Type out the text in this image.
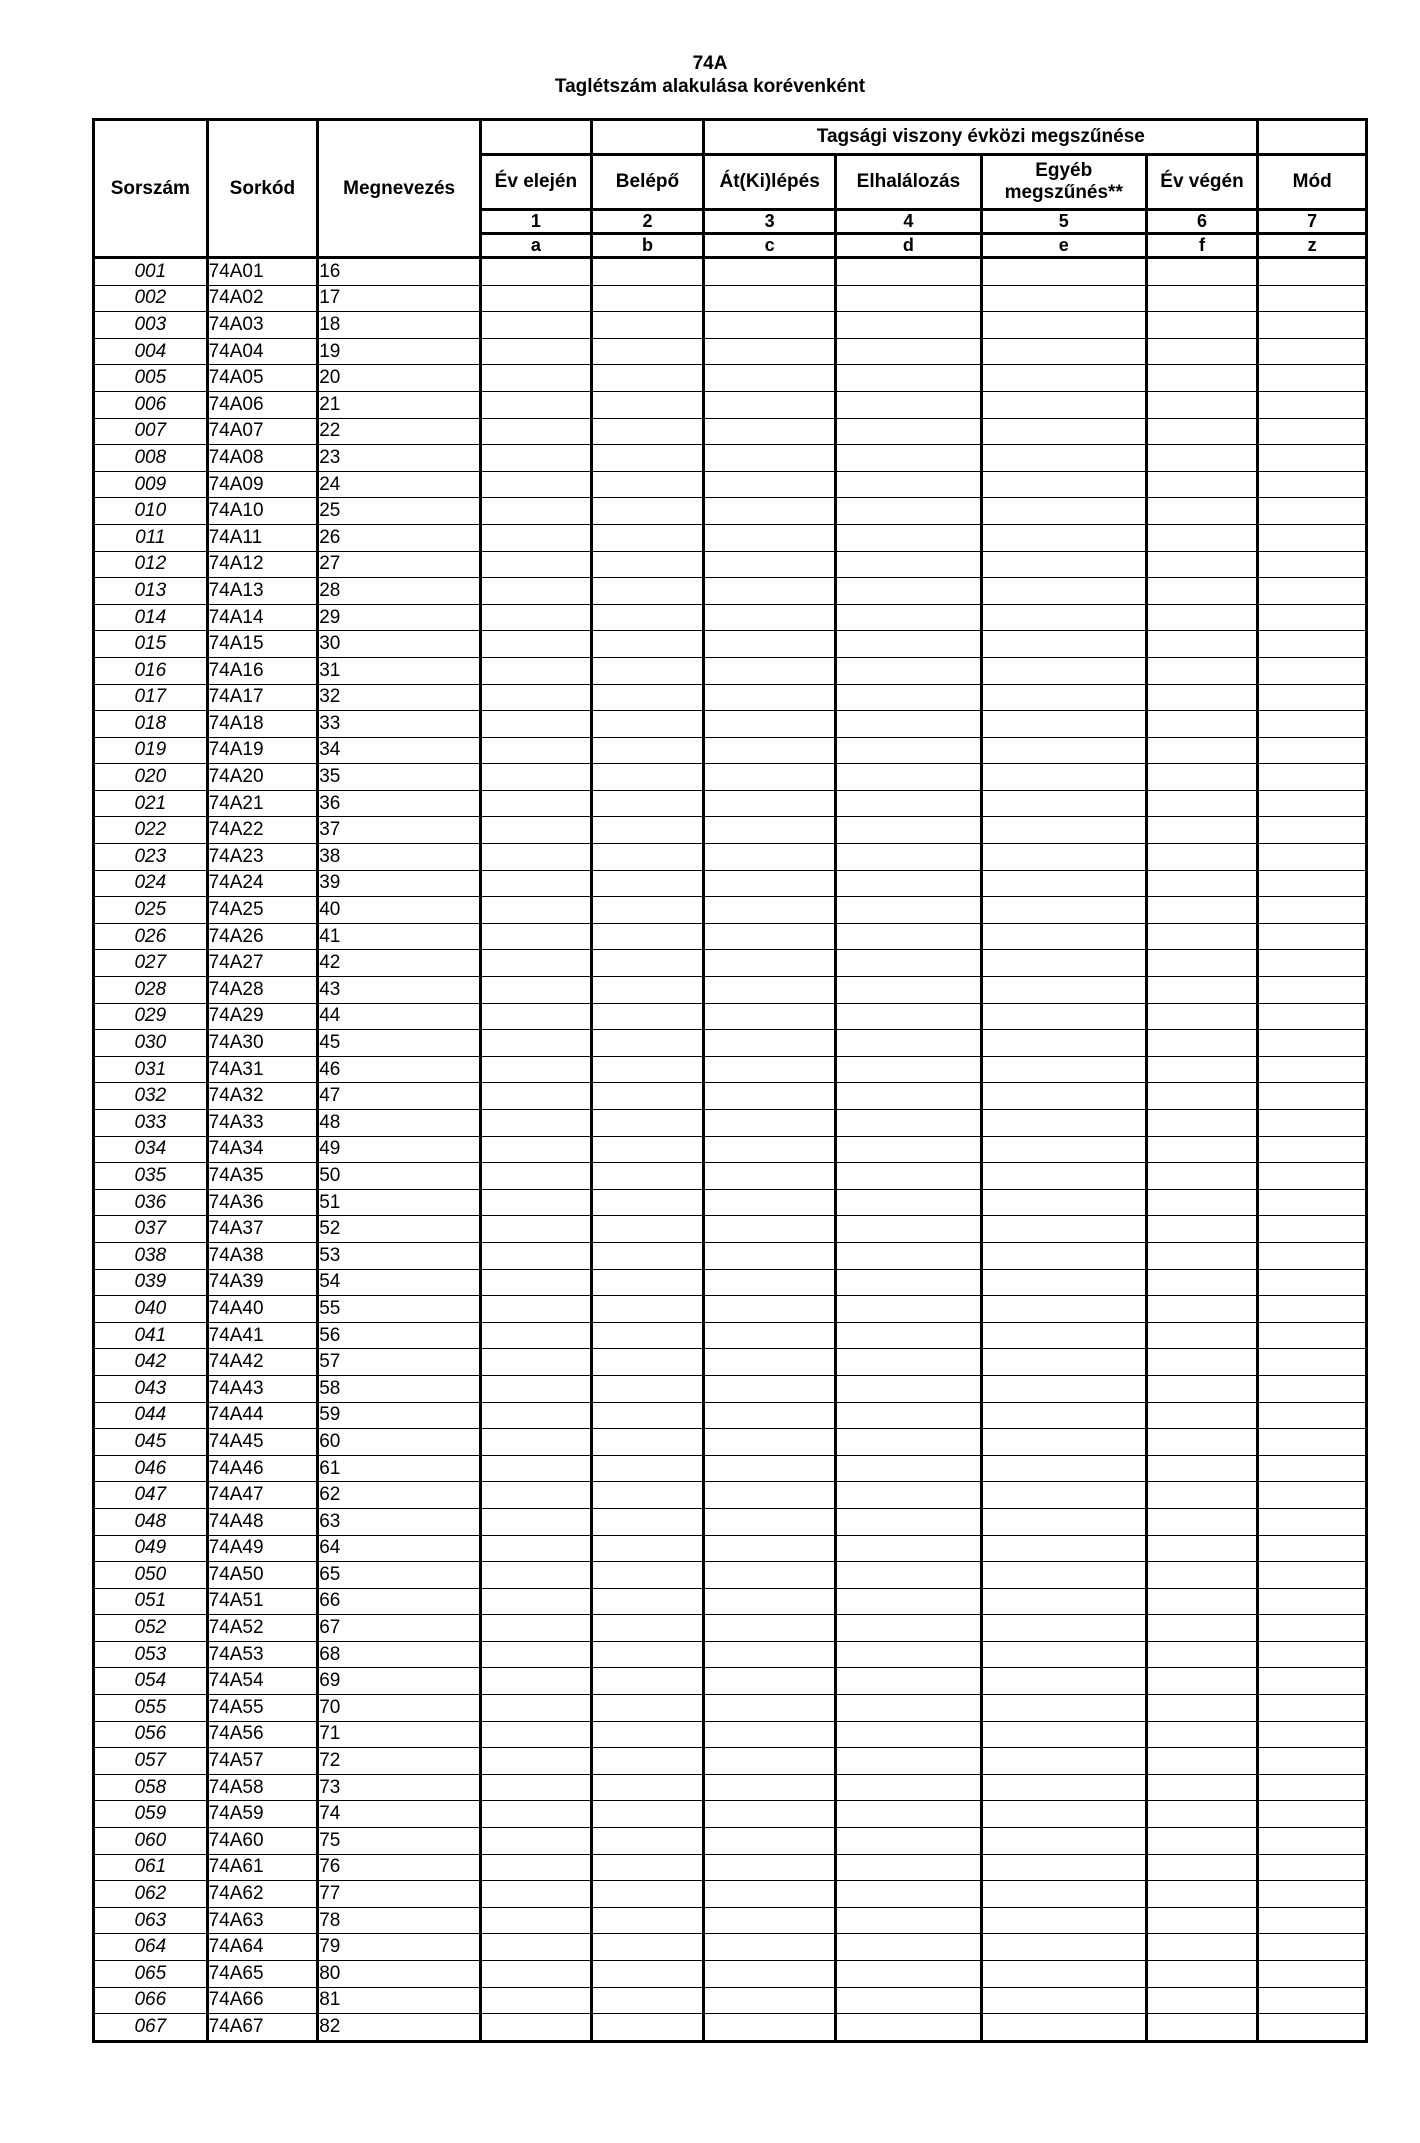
74A
Taglétszám alakulása korévenként
Sorszám	Sorkód	Megnevezés			Tagsági viszony évközi megszűnése				
			Év elején	Belépő	Át(Ki)lépés	Elhalálozás	Egyéb megszűnés**	Év végén	Mód
			1	2	3	4	5	6	7
			a	b	c	d	e	f	z
001	74A01	16							
002	74A02	17							
003	74A03	18							
004	74A04	19							
005	74A05	20							
006	74A06	21							
007	74A07	22							
008	74A08	23							
009	74A09	24							
010	74A10	25							
011	74A11	26							
012	74A12	27							
013	74A13	28							
014	74A14	29							
015	74A15	30							
016	74A16	31							
017	74A17	32							
018	74A18	33							
019	74A19	34							
020	74A20	35							
021	74A21	36							
022	74A22	37							
023	74A23	38							
024	74A24	39							
025	74A25	40							
026	74A26	41							
027	74A27	42							
028	74A28	43							
029	74A29	44							
030	74A30	45							
031	74A31	46							
032	74A32	47							
033	74A33	48							
034	74A34	49							
035	74A35	50							
036	74A36	51							
037	74A37	52							
038	74A38	53							
039	74A39	54							
040	74A40	55							
041	74A41	56							
042	74A42	57							
043	74A43	58							
044	74A44	59							
045	74A45	60							
046	74A46	61							
047	74A47	62							
048	74A48	63							
049	74A49	64							
050	74A50	65							
051	74A51	66							
052	74A52	67							
053	74A53	68							
054	74A54	69							
055	74A55	70							
056	74A56	71							
057	74A57	72							
058	74A58	73							
059	74A59	74							
060	74A60	75							
061	74A61	76							
062	74A62	77							
063	74A63	78							
064	74A64	79							
065	74A65	80							
066	74A66	81							
067	74A67	82							
